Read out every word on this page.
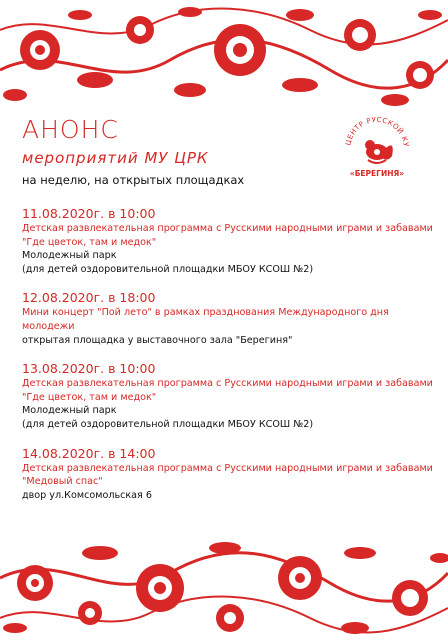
АНОНС
мероприятий МУ ЦРК
на неделю, на открытых площадках
ЦЕНТР РУССКОЙ КУ
«БЕРЕГИНЯ»
11.08.2020г. в 10:00
Детская развлекательная программа с Русскими народными играми и забавами
"Где цветок, там и медок"
Молодежный парк
(для детей оздоровительной площадки МБОУ КСОШ №2)
12.08.2020г. в 18:00
Мини концерт "Пой лето" в рамках празднования Международного дня
молодежи
открытая площадка у выставочного зала "Берегиня"
13.08.2020г. в 10:00
Детская развлекательная программа с Русскими народными играми и забавами
"Где цветок, там и медок"
Молодежный парк
(для детей оздоровительной площадки МБОУ КСОШ №2)
14.08.2020г. в 14:00
Детская развлекательная программа с Русскими народными играми и забавами
"Медовый спас"
двор ул.Комсомольская 6
